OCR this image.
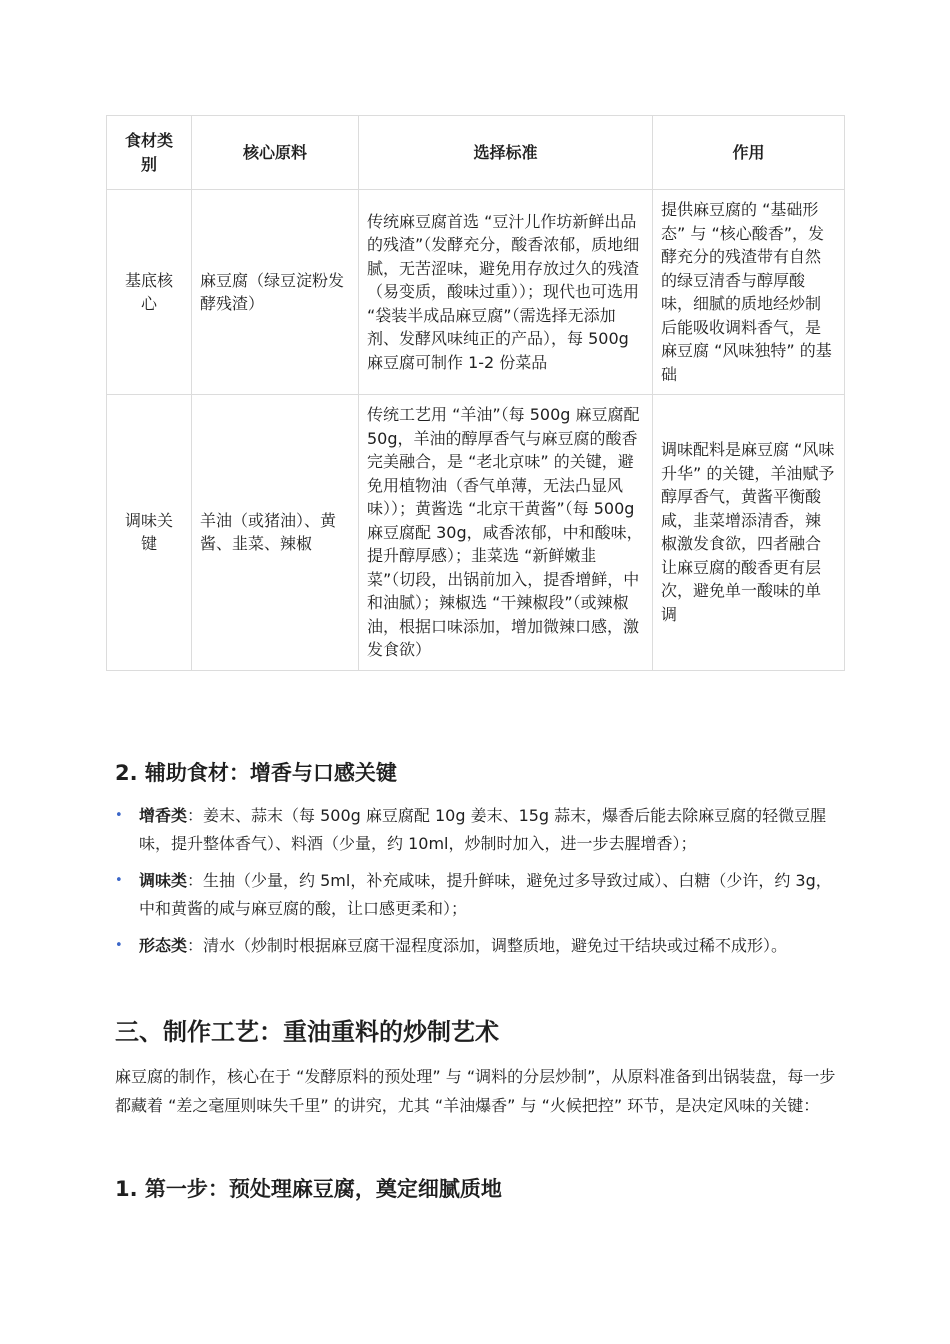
食材类别	核心原料	选择标准	作用
基底核心	麻豆腐（绿豆淀粉发酵残渣）	传统麻豆腐首选 “豆汁儿作坊新鲜出品的残渣”（发酵充分，酸香浓郁，质地细腻，无苦涩味，避免用存放过久的残渣（易变质，酸味过重））；现代也可选用 “袋装半成品麻豆腐”（需选择无添加剂、发酵风味纯正的产品），每 500g 麻豆腐可制作 1-2 份菜品	提供麻豆腐的 “基础形态” 与 “核心酸香”，发酵充分的残渣带有自然的绿豆清香与醇厚酸味，细腻的质地经炒制后能吸收调料香气，是麻豆腐 “风味独特” 的基础
调味关键	羊油（或猪油）、黄酱、韭菜、辣椒	传统工艺用 “羊油”（每 500g 麻豆腐配 50g，羊油的醇厚香气与麻豆腐的酸香完美融合，是 “老北京味” 的关键，避免用植物油（香气单薄，无法凸显风味））；黄酱选 “北京干黄酱”（每 500g 麻豆腐配 30g，咸香浓郁，中和酸味，提升醇厚感）；韭菜选 “新鲜嫩韭菜”（切段，出锅前加入，提香增鲜，中和油腻）；辣椒选 “干辣椒段”（或辣椒油，根据口味添加，增加微辣口感，激发食欲）	调味配料是麻豆腐 “风味升华” 的关键，羊油赋予醇厚香气，黄酱平衡酸咸，韭菜增添清香，辣椒激发食欲，四者融合让麻豆腐的酸香更有层次，避免单一酸味的单调
2. 辅助食材：增香与口感关键
• 增香类：姜末、蒜末（每 500g 麻豆腐配 10g 姜末、15g 蒜末，爆香后能去除麻豆腐的轻微豆腥味，提升整体香气）、料酒（少量，约 10ml，炒制时加入，进一步去腥增香）；
• 调味类：生抽（少量，约 5ml，补充咸味，提升鲜味，避免过多导致过咸）、白糖（少许，约 3g，中和黄酱的咸与麻豆腐的酸，让口感更柔和）；
• 形态类：清水（炒制时根据麻豆腐干湿程度添加，调整质地，避免过干结块或过稀不成形）。
三、制作工艺：重油重料的炒制艺术

麻豆腐的制作，核心在于 “发酵原料的预处理” 与 “调料的分层炒制”，从原料准备到出锅装盘，每一步都藏着 “差之毫厘则味失千里” 的讲究，尤其 “羊油爆香” 与 “火候把控” 环节，是决定风味的关键：

1. 第一步：预处理麻豆腐，奠定细腻质地
